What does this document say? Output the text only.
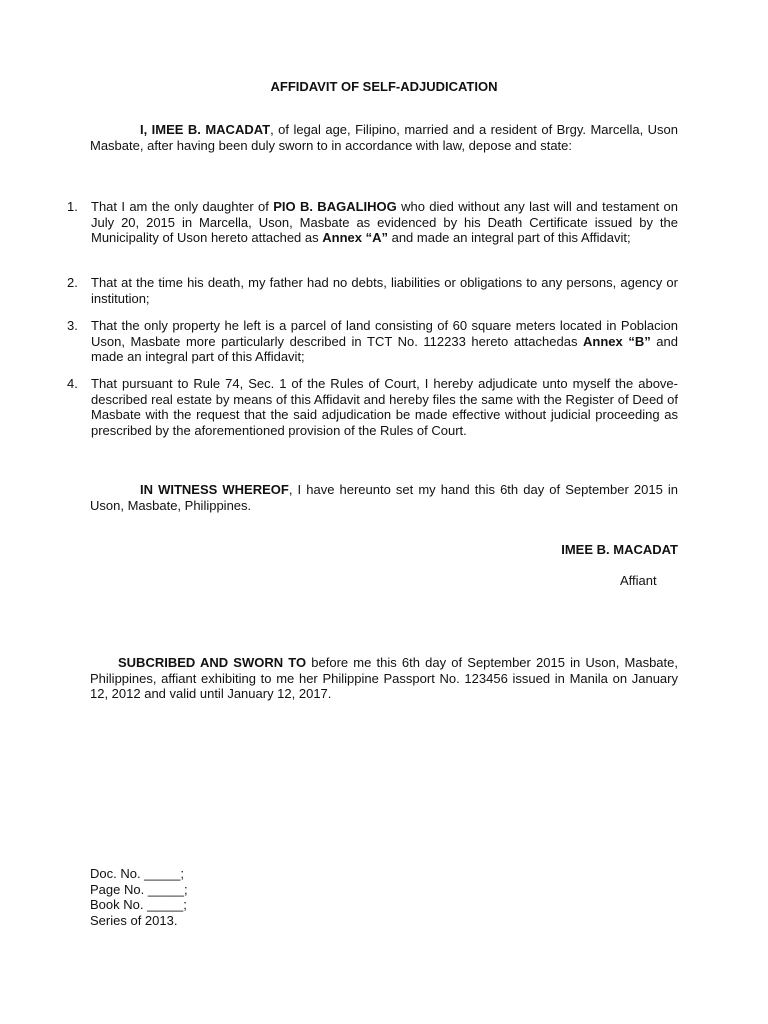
AFFIDAVIT OF SELF-ADJUDICATION
I, IMEE B. MACADAT, of legal age, Filipino, married and a resident of Brgy. Marcella, Uson Masbate, after having been duly sworn to in accordance with law, depose and state:
1. That I am the only daughter of PIO B. BAGALIHOG who died without any last will and testament on July 20, 2015 in Marcella, Uson, Masbate as evidenced by his Death Certificate issued by the Municipality of Uson hereto attached as Annex “A” and made an integral part of this Affidavit;
2. That at the time his death, my father had no debts, liabilities or obligations to any persons, agency or institution;
3. That the only property he left is a parcel of land consisting of 60 square meters located in Poblacion Uson, Masbate more particularly described in TCT No. 112233 hereto attachedas Annex “B” and made an integral part of this Affidavit;
4. That pursuant to Rule 74, Sec. 1 of the Rules of Court, I hereby adjudicate unto myself the above-described real estate by means of this Affidavit and hereby files the same with the Register of Deed of Masbate with the request that the said adjudication be made effective without judicial proceeding as prescribed by the aforementioned provision of the Rules of Court.
IN WITNESS WHEREOF, I have hereunto set my hand this 6th day of September 2015 in Uson, Masbate, Philippines.
IMEE B. MACADAT
Affiant
SUBCRIBED AND SWORN TO before me this 6th day of September 2015 in Uson, Masbate, Philippines, affiant exhibiting to me her Philippine Passport No. 123456 issued in Manila on January 12, 2012 and valid until January 12, 2017.
Doc. No. _____;
Page No. _____;
Book No. _____;
Series of 2013.
